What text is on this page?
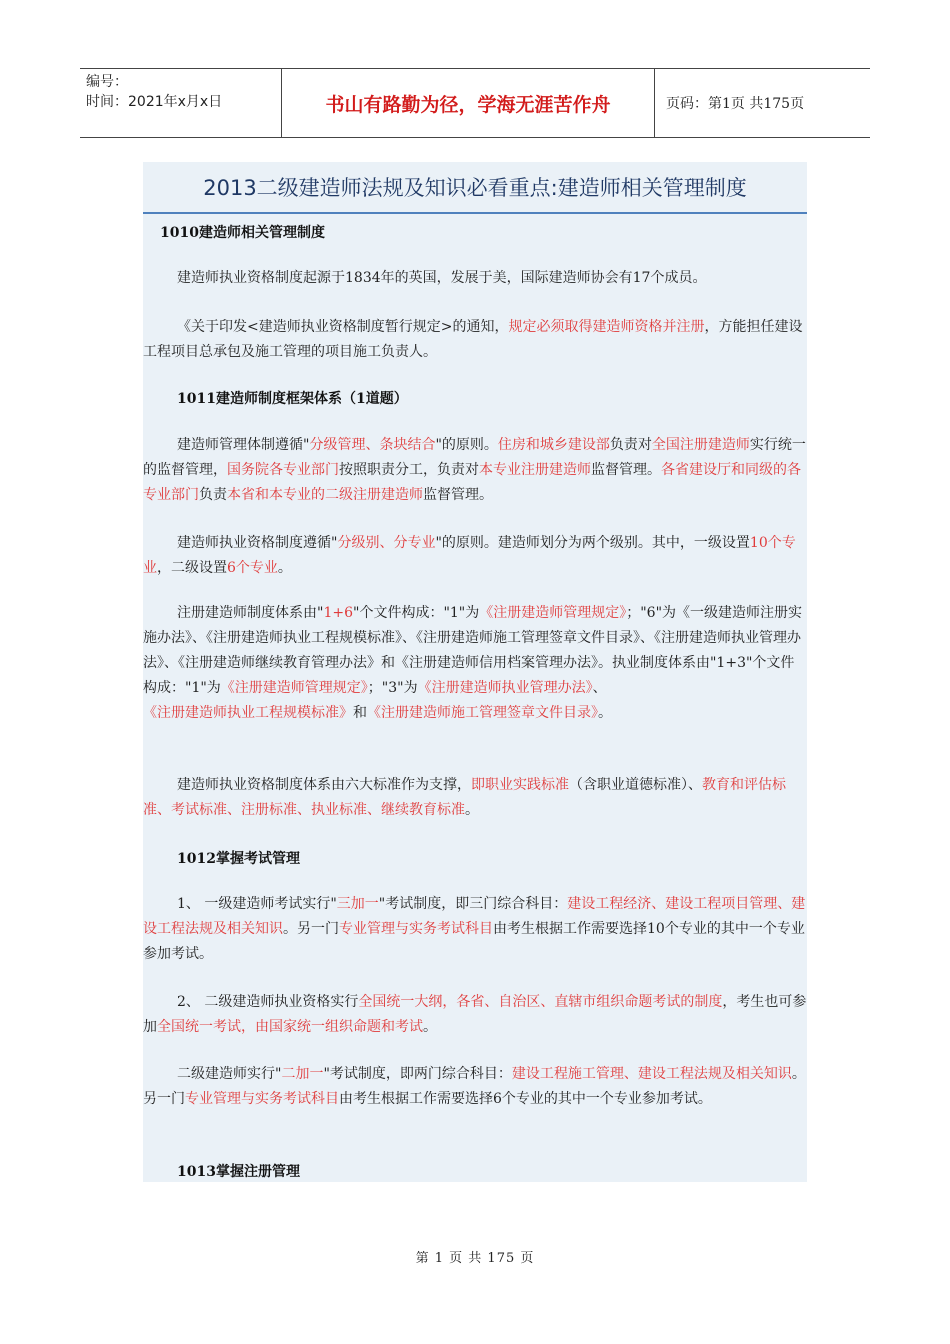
编号：
时间：2021年x月x日	书山有路勤为径，学海无涯苦作舟	页码：第1页 共175页
2013二级建造师法规及知识必看重点:建造师相关管理制度
1010建造师相关管理制度
建造师执业资格制度起源于1834年的英国，发展于美，国际建造师协会有17个成员。
《关于印发<建造师执业资格制度暂行规定>的通知，规定必须取得建造师资格并注册，方能担任建设工程项目总承包及施工管理的项目施工负责人。
1011建造师制度框架体系（1道题）
建造师管理体制遵循"分级管理、条块结合"的原则。住房和城乡建设部负责对全国注册建造师实行统一的监督管理，国务院各专业部门按照职责分工，负责对本专业注册建造师监督管理。各省建设厅和同级的各专业部门负责本省和本专业的二级注册建造师监督管理。
建造师执业资格制度遵循"分级别、分专业"的原则。建造师划分为两个级别。其中，一级设置10个专业，二级设置6个专业。
注册建造师制度体系由"1+6"个文件构成："1"为《注册建造师管理规定》；"6"为《一级建造师注册实施办法》、《注册建造师执业工程规模标准》、《注册建造师施工管理签章文件目录》、《注册建造师执业管理办法》、《注册建造师继续教育管理办法》和《注册建造师信用档案管理办法》。执业制度体系由"1+3"个文件构成："1"为《注册建造师管理规定》；"3"为《注册建造师执业管理办法》、《注册建造师执业工程规模标准》和《注册建造师施工管理签章文件目录》。
建造师执业资格制度体系由六大标准作为支撑，即职业实践标准（含职业道德标准）、教育和评估标准、考试标准、注册标准、执业标准、继续教育标准。
1012掌握考试管理
1、 一级建造师考试实行"三加一"考试制度，即三门综合科目：建设工程经济、建设工程项目管理、建设工程法规及相关知识。另一门专业管理与实务考试科目由考生根据工作需要选择10个专业的其中一个专业参加考试。
2、 二级建造师执业资格实行全国统一大纲，各省、自治区、直辖市组织命题考试的制度，考生也可参加全国统一考试，由国家统一组织命题和考试。
二级建造师实行"二加一"考试制度，即两门综合科目：建设工程施工管理、建设工程法规及相关知识。另一门专业管理与实务考试科目由考生根据工作需要选择6个专业的其中一个专业参加考试。
1013掌握注册管理
第 1 页 共 175 页
